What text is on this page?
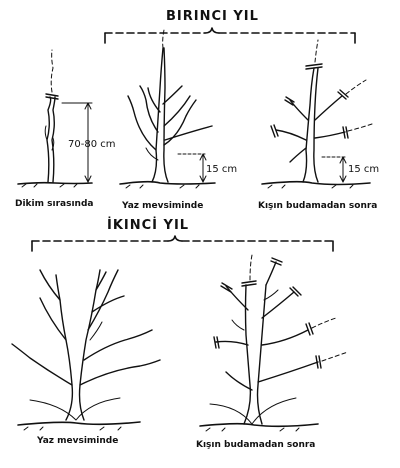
BIRINCI YIL
70-80 cm
Dikim sırasında
15 cm
Yaz mevsiminde
15 cm
Kışın budamadan sonra
İKINCİ YIL
Yaz mevsiminde	Kışın budamadan sonra
